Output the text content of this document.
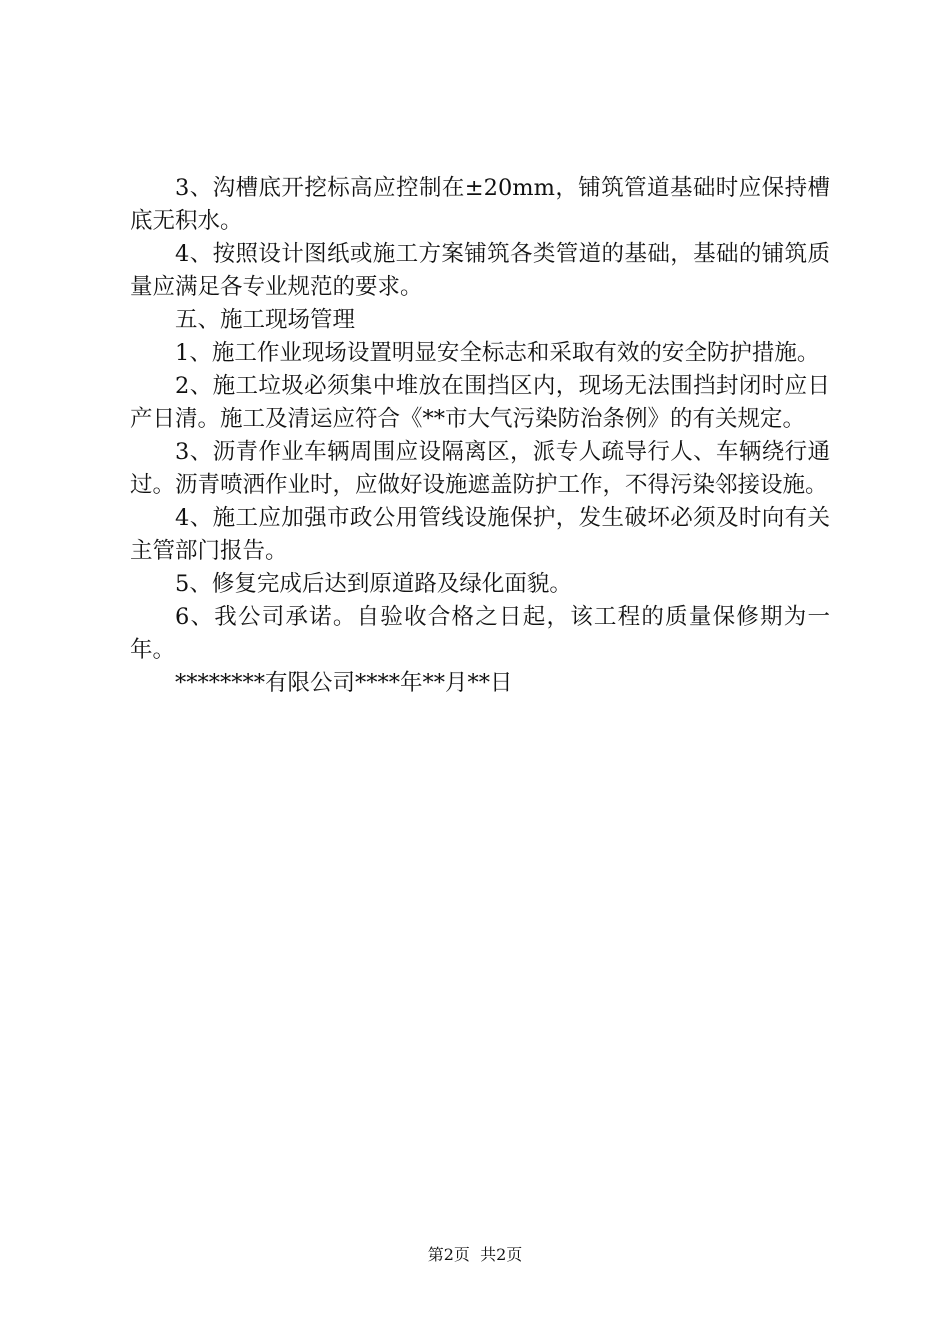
3、沟槽底开挖标高应控制在±20mm，铺筑管道基础时应保持槽底无积水。

4、按照设计图纸或施工方案铺筑各类管道的基础，基础的铺筑质量应满足各专业规范的要求。

五、施工现场管理

1、施工作业现场设置明显安全标志和采取有效的安全防护措施。

2、施工垃圾必须集中堆放在围挡区内，现场无法围挡封闭时应日产日清。施工及清运应符合《**市大气污染防治条例》的有关规定。

3、沥青作业车辆周围应设隔离区，派专人疏导行人、车辆绕行通过。沥青喷洒作业时，应做好设施遮盖防护工作，不得污染邻接设施。

4、施工应加强市政公用管线设施保护，发生破坏必须及时向有关主管部门报告。

5、修复完成后达到原道路及绿化面貌。

6、我公司承诺。自验收合格之日起，该工程的质量保修期为一年。

********有限公司****年**月**日

第2页 共2页
